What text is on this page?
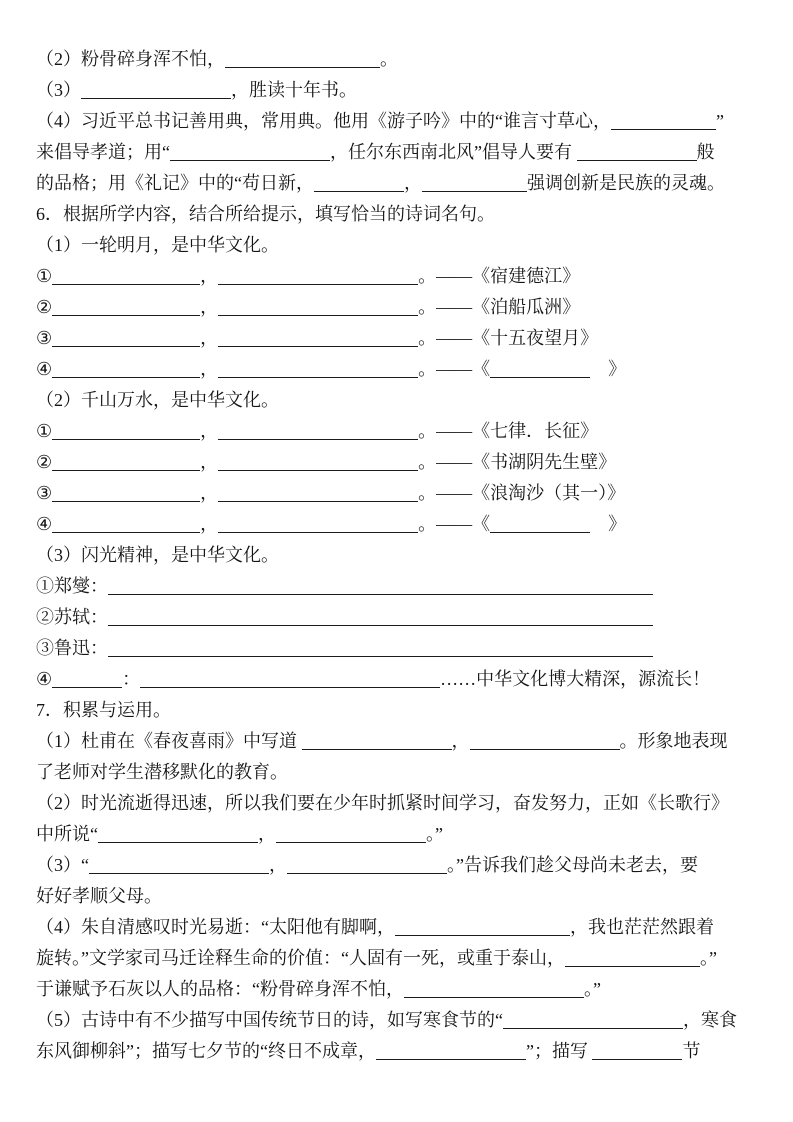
（2）粉骨碎身浑不怕，	。
（3）	，胜读十年书。
（4）习近平总书记善用典，常用典。他用《游子吟》中的“谁言寸草心，	”
来倡导孝道；用“	，任尔东西南北风”倡导人要有	般
的品格；用《礼记》中的“苟日新，	，	强调创新是民族的灵魂。
6．根据所学内容，结合所给提示，填写恰当的诗词名句。
（1）一轮明月，是中华文化。
①	，	。——《宿建德江》
②	，	。——《泊船瓜洲》
③	，	。——《十五夜望月》
④	，	。——《	　》
（2）千山万水，是中华文化。
①	，	。——《七律．长征》
②	，	。——《书湖阴先生壁》
③	，	。——《浪淘沙（其一）》
④	，	。——《	　》
（3）闪光精神，是中华文化。
①郑燮：
②苏轼：
③鲁迅：
④	：	……中华文化博大精深，源流长！
7．积累与运用。
（1）杜甫在《春夜喜雨》中写道	，	。形象地表现
了老师对学生潜移默化的教育。
（2）时光流逝得迅速，所以我们要在少年时抓紧时间学习，奋发努力，正如《长歌行》
中所说“	，	。”
（3）“	，	。”告诉我们趁父母尚未老去，要
好好孝顺父母。
（4）朱自清感叹时光易逝：“太阳他有脚啊，	，我也茫茫然跟着
旋转。”文学家司马迁诠释生命的价值：“人固有一死，或重于泰山，	。”
于谦赋予石灰以人的品格：“粉骨碎身浑不怕，	。”
（5）古诗中有不少描写中国传统节日的诗，如写寒食节的“	，寒食
东风御柳斜”；描写七夕节的“终日不成章，	”；描写	节
